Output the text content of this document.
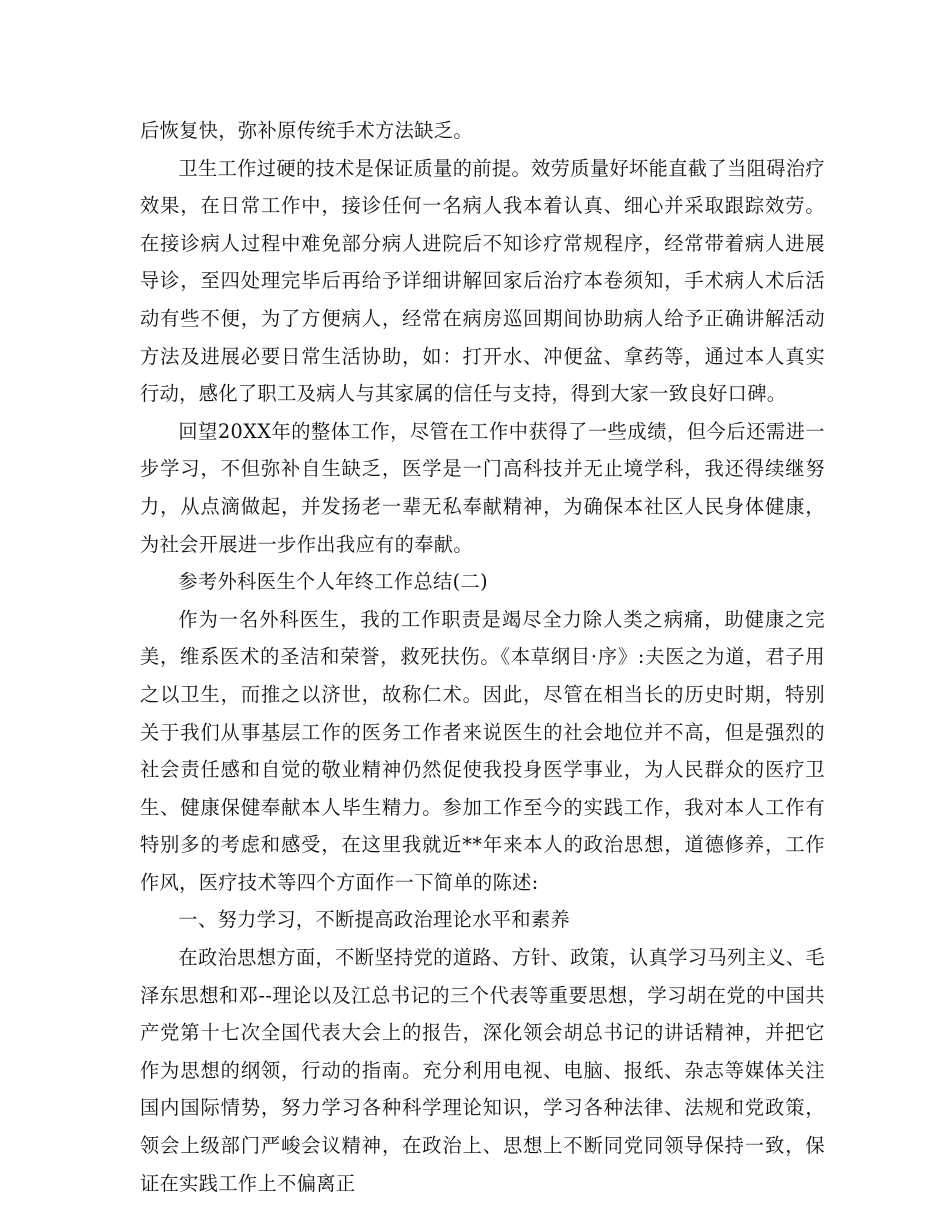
后恢复快，弥补原传统手术方法缺乏。

卫生工作过硬的技术是保证质量的前提。效劳质量好坏能直截了当阻碍治疗效果，在日常工作中，接诊任何一名病人我本着认真、细心并采取跟踪效劳。在接诊病人过程中难免部分病人进院后不知诊疗常规程序，经常带着病人进展导诊，至四处理完毕后再给予详细讲解回家后治疗本卷须知，手术病人术后活动有些不便，为了方便病人，经常在病房巡回期间协助病人给予正确讲解活动方法及进展必要日常生活协助，如：打开水、冲便盆、拿药等，通过本人真实行动，感化了职工及病人与其家属的信任与支持，得到大家一致良好口碑。

回望20XX年的整体工作，尽管在工作中获得了一些成绩，但今后还需进一步学习，不但弥补自生缺乏，医学是一门高科技并无止境学科，我还得续继努力，从点滴做起，并发扬老一辈无私奉献精神，为确保本社区人民身体健康，为社会开展进一步作出我应有的奉献。

参考外科医生个人年终工作总结(二)

作为一名外科医生，我的工作职责是竭尽全力除人类之病痛，助健康之完美，维系医术的圣洁和荣誉，救死扶伤。《本草纲目·序》:夫医之为道，君子用之以卫生，而推之以济世，故称仁术。因此，尽管在相当长的历史时期，特别关于我们从事基层工作的医务工作者来说医生的社会地位并不高，但是强烈的社会责任感和自觉的敬业精神仍然促使我投身医学事业，为人民群众的医疗卫生、健康保健奉献本人毕生精力。参加工作至今的实践工作，我对本人工作有特别多的考虑和感受，在这里我就近**年来本人的政治思想，道德修养，工作作风，医疗技术等四个方面作一下简单的陈述:

一、努力学习，不断提高政治理论水平和素养

在政治思想方面，不断坚持党的道路、方针、政策，认真学习马列主义、毛泽东思想和邓--理论以及江总书记的三个代表等重要思想，学习胡在党的中国共产党第十七次全国代表大会上的报告，深化领会胡总书记的讲话精神，并把它作为思想的纲领，行动的指南。充分利用电视、电脑、报纸、杂志等媒体关注国内国际情势，努力学习各种科学理论知识，学习各种法律、法规和党政策，领会上级部门严峻会议精神，在政治上、思想上不断同党同领导保持一致，保证在实践工作上不偏离正
